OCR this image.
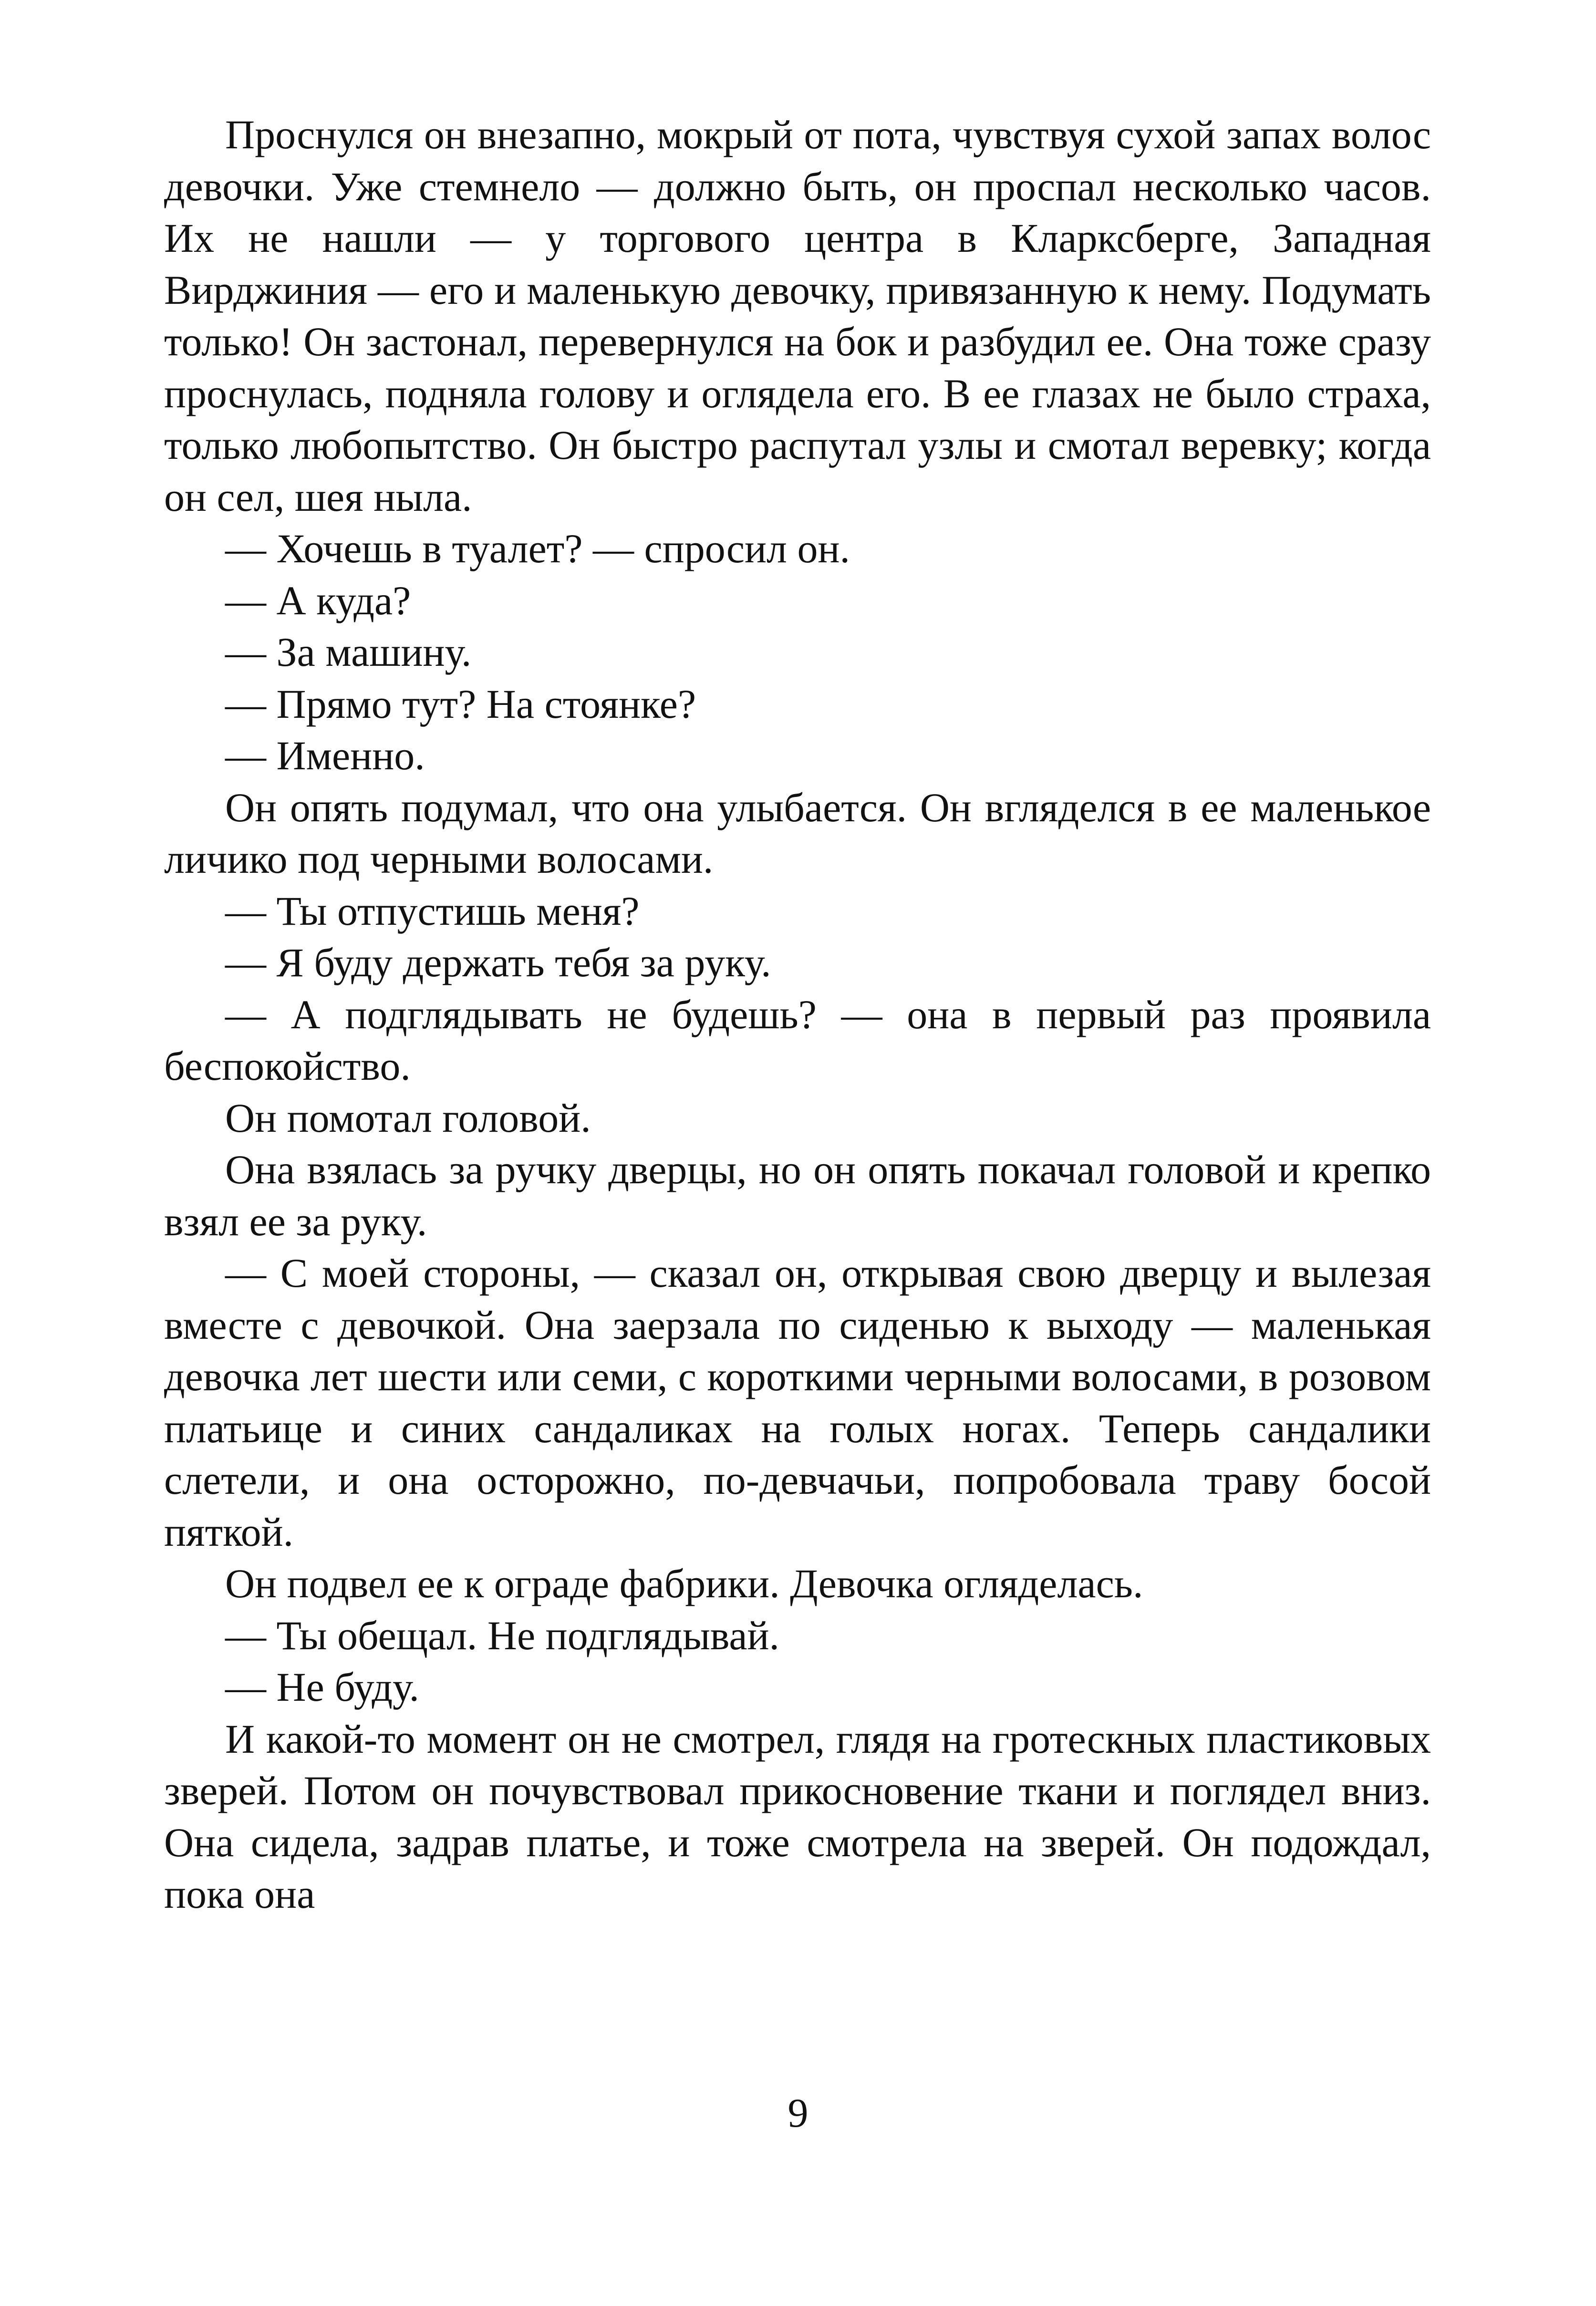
Проснулся он внезапно, мокрый от пота, чувствуя сухой запах волос девочки. Уже стемнело — должно быть, он проспал несколько часов. Их не нашли — у торгового центра в Кларксберге, Западная Вирджиния — его и маленькую девочку, привязанную к нему. Подумать только! Он застонал, перевернулся на бок и разбудил ее. Она тоже сразу проснулась, подняла голову и оглядела его. В ее глазах не было страха, только любопытство. Он быстро распутал узлы и смотал веревку; когда он сел, шея ныла.

— Хочешь в туалет? — спросил он.

— А куда?

— За машину.

— Прямо тут? На стоянке?

— Именно.

Он опять подумал, что она улыбается. Он вгляделся в ее маленькое личико под черными волосами.

— Ты отпустишь меня?

— Я буду держать тебя за руку.

— А подглядывать не будешь? — она в первый раз проявила беспокойство.

Он помотал головой.

Она взялась за ручку дверцы, но он опять покачал головой и крепко взял ее за руку.

— С моей стороны, — сказал он, открывая свою дверцу и вылезая вместе с девочкой. Она заерзала по сиденью к выходу — маленькая девочка лет шести или семи, с короткими черными волосами, в розовом платьице и синих сандаликах на голых ногах. Теперь сандалики слетели, и она осторожно, по-девчачьи, попробовала траву босой пяткой.

Он подвел ее к ограде фабрики. Девочка огляделась.

— Ты обещал. Не подглядывай.

— Не буду.

И какой-то момент он не смотрел, глядя на гротескных пластиковых зверей. Потом он почувствовал прикосновение ткани и поглядел вниз. Она сидела, задрав платье, и тоже смотрела на зверей. Он подождал, пока она

9
